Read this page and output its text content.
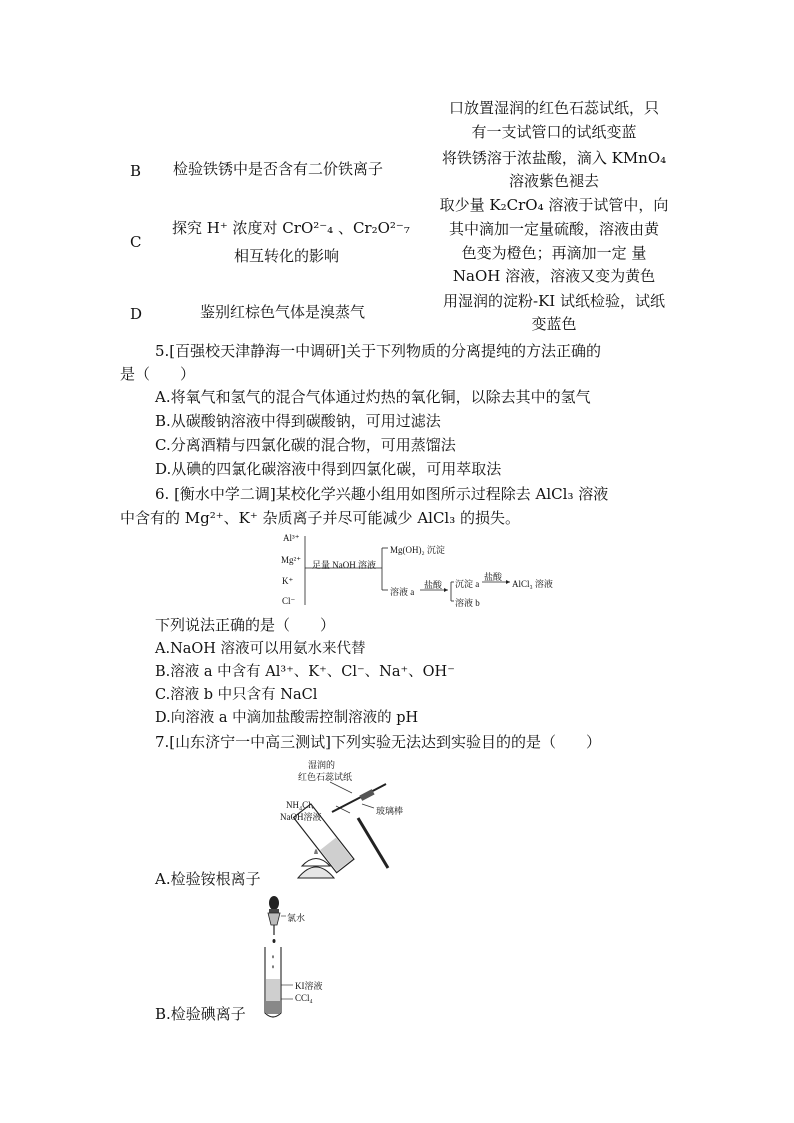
口放置湿润的红色石蕊试纸，只
有一支试管口的试纸变蓝
B 检验铁锈中是否含有二价铁离子
将铁锈溶于浓盐酸，滴入 KMnO₄
溶液紫色褪去
C
探究 H⁺ 浓度对 CrO²⁻₄ 、Cr₂O²⁻₇
相互转化的影响
取少量 K₂CrO₄ 溶液于试管中，向
其中滴加一定量硫酸，溶液由黄
色变为橙色；再滴加一定 量
NaOH 溶液，溶液又变为黄色
D	鉴别红棕色气体是溴蒸气
用湿润的淀粉-KI 试纸检验，试纸
变蓝色
5.[百强校天津静海一中调研]关于下列物质的分离提纯的方法正确的
是（　　）
A.将氧气和氢气的混合气体通过灼热的氧化铜，以除去其中的氢气
B.从碳酸钠溶液中得到碳酸钠，可用过滤法
C.分离酒精与四氯化碳的混合物，可用蒸馏法
D.从碘的四氯化碳溶液中得到四氯化碳，可用萃取法
6. [衡水中学二调]某校化学兴趣小组用如图所示过程除去 AlCl₃ 溶液
中含有的 Mg²⁺、K⁺ 杂质离子并尽可能减少 AlCl₃ 的损失。
Al³⁺
Mg²⁺
K⁺
Cl⁻
足量 NaOH 溶液
Mg(OH)₂ 沉淀
溶液 a
盐酸 沉淀 a
盐酸
AlCl₃ 溶液
溶液 b
下列说法正确的是（　　）
A.NaOH 溶液可以用氨水来代替
B.溶液 a 中含有 Al³⁺、K⁺、Cl⁻、Na⁺、OH⁻
C.溶液 b 中只含有 NaCl
D.向溶液 a 中滴加盐酸需控制溶液的 pH
7.[山东济宁一中高三测试]下列实验无法达到实验目的的是（　　）
湿润的
红色石蕊试纸
NH₄Cl、
NaOH溶液
玻璃棒
A.检验铵根离子
氯水
KI溶液
CCl₄
B.检验碘离子
